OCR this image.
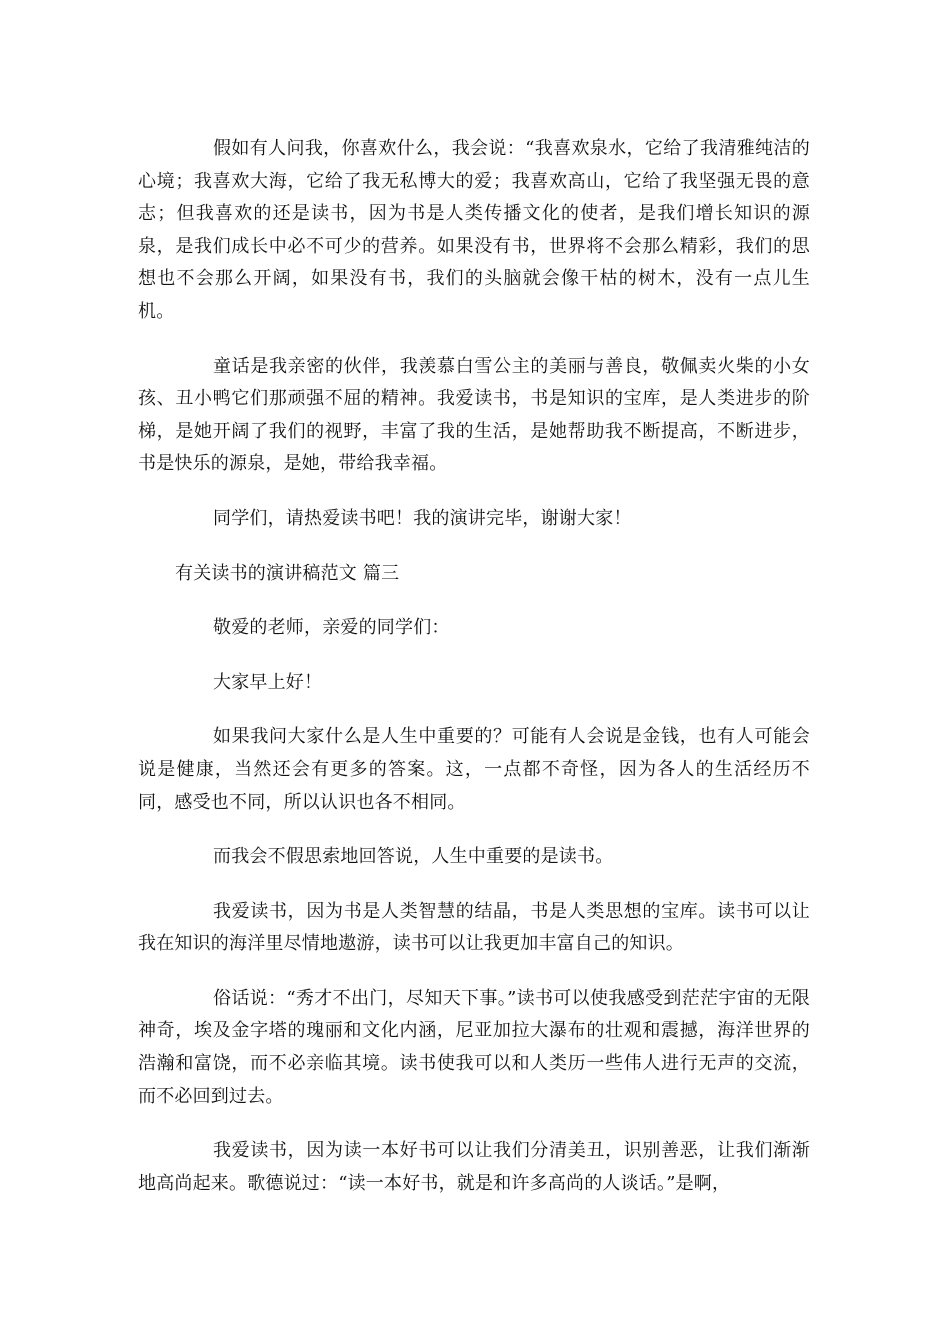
假如有人问我，你喜欢什么，我会说：“我喜欢泉水，它给了我清雅纯洁的心境；我喜欢大海，它给了我无私博大的爱；我喜欢高山，它给了我坚强无畏的意志；但我喜欢的还是读书，因为书是人类传播文化的使者，是我们增长知识的源泉，是我们成长中必不可少的营养。如果没有书，世界将不会那么精彩，我们的思想也不会那么开阔，如果没有书，我们的头脑就会像干枯的树木，没有一点儿生机。

童话是我亲密的伙伴，我羡慕白雪公主的美丽与善良，敬佩卖火柴的小女孩、丑小鸭它们那顽强不屈的精神。我爱读书，书是知识的宝库，是人类进步的阶梯，是她开阔了我们的视野，丰富了我的生活，是她帮助我不断提高，不断进步，书是快乐的源泉，是她，带给我幸福。

同学们，请热爱读书吧！我的演讲完毕，谢谢大家！

有关读书的演讲稿范文 篇三

敬爱的老师，亲爱的同学们：

大家早上好！

如果我问大家什么是人生中重要的？可能有人会说是金钱，也有人可能会说是健康，当然还会有更多的答案。这，一点都不奇怪，因为各人的生活经历不同，感受也不同，所以认识也各不相同。

而我会不假思索地回答说，人生中重要的是读书。

我爱读书，因为书是人类智慧的结晶，书是人类思想的宝库。读书可以让我在知识的海洋里尽情地遨游，读书可以让我更加丰富自己的知识。

俗话说：“秀才不出门，尽知天下事。”读书可以使我感受到茫茫宇宙的无限神奇，埃及金字塔的瑰丽和文化内涵，尼亚加拉大瀑布的壮观和震撼，海洋世界的浩瀚和富饶，而不必亲临其境。读书使我可以和人类历一些伟人进行无声的交流，而不必回到过去。

我爱读书，因为读一本好书可以让我们分清美丑，识别善恶，让我们渐渐地高尚起来。歌德说过：“读一本好书，就是和许多高尚的人谈话。”是啊，
